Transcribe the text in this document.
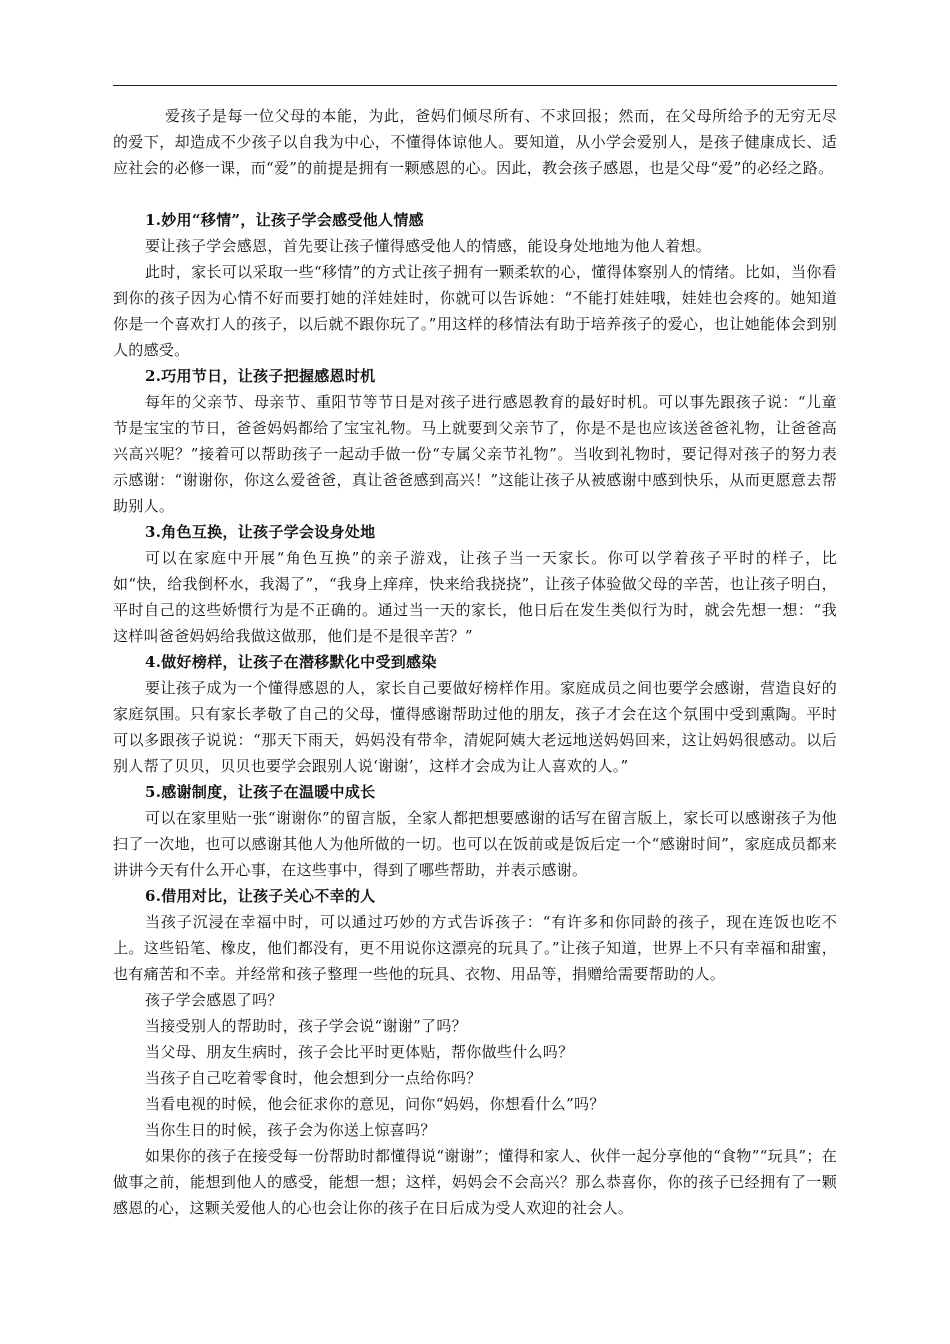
爱孩子是每一位父母的本能，为此，爸妈们倾尽所有、不求回报；然而，在父母所给予的无穷无尽的爱下，却造成不少孩子以自我为中心，不懂得体谅他人。要知道，从小学会爱别人，是孩子健康成长、适应社会的必修一课，而“爱”的前提是拥有一颗感恩的心。因此，教会孩子感恩，也是父母“爱”的必经之路。

1.妙用“移情”，让孩子学会感受他人情感

要让孩子学会感恩，首先要让孩子懂得感受他人的情感，能设身处地地为他人着想。

此时，家长可以采取一些“移情”的方式让孩子拥有一颗柔软的心，懂得体察别人的情绪。比如，当你看到你的孩子因为心情不好而要打她的洋娃娃时，你就可以告诉她：“不能打娃娃哦，娃娃也会疼的。她知道你是一个喜欢打人的孩子，以后就不跟你玩了。”用这样的移情法有助于培养孩子的爱心，也让她能体会到别人的感受。

2.巧用节日，让孩子把握感恩时机

每年的父亲节、母亲节、重阳节等节日是对孩子进行感恩教育的最好时机。可以事先跟孩子说：“儿童节是宝宝的节日，爸爸妈妈都给了宝宝礼物。马上就要到父亲节了，你是不是也应该送爸爸礼物，让爸爸高兴高兴呢？”接着可以帮助孩子一起动手做一份“专属父亲节礼物”。当收到礼物时，要记得对孩子的努力表示感谢：“谢谢你，你这么爱爸爸，真让爸爸感到高兴！”这能让孩子从被感谢中感到快乐，从而更愿意去帮助别人。

3.角色互换，让孩子学会设身处地

可以在家庭中开展“角色互换”的亲子游戏，让孩子当一天家长。你可以学着孩子平时的样子，比如“快，给我倒杯水，我渴了”，“我身上痒痒，快来给我挠挠”，让孩子体验做父母的辛苦，也让孩子明白，平时自己的这些娇惯行为是不正确的。通过当一天的家长，他日后在发生类似行为时，就会先想一想：“我这样叫爸爸妈妈给我做这做那，他们是不是很辛苦？”

4.做好榜样，让孩子在潜移默化中受到感染

要让孩子成为一个懂得感恩的人，家长自己要做好榜样作用。家庭成员之间也要学会感谢，营造良好的家庭氛围。只有家长孝敬了自己的父母，懂得感谢帮助过他的朋友，孩子才会在这个氛围中受到熏陶。平时可以多跟孩子说说：“那天下雨天，妈妈没有带伞，清妮阿姨大老远地送妈妈回来，这让妈妈很感动。以后别人帮了贝贝，贝贝也要学会跟别人说‘谢谢’，这样才会成为让人喜欢的人。”

5.感谢制度，让孩子在温暖中成长

可以在家里贴一张“谢谢你”的留言版，全家人都把想要感谢的话写在留言版上，家长可以感谢孩子为他扫了一次地，也可以感谢其他人为他所做的一切。也可以在饭前或是饭后定一个“感谢时间”，家庭成员都来讲讲今天有什么开心事，在这些事中，得到了哪些帮助，并表示感谢。

6.借用对比，让孩子关心不幸的人

当孩子沉浸在幸福中时，可以通过巧妙的方式告诉孩子：“有许多和你同龄的孩子，现在连饭也吃不上。这些铅笔、橡皮，他们都没有，更不用说你这漂亮的玩具了。”让孩子知道，世界上不只有幸福和甜蜜，也有痛苦和不幸。并经常和孩子整理一些他的玩具、衣物、用品等，捐赠给需要帮助的人。

孩子学会感恩了吗？

当接受别人的帮助时，孩子学会说“谢谢”了吗？

当父母、朋友生病时，孩子会比平时更体贴，帮你做些什么吗？

当孩子自己吃着零食时，他会想到分一点给你吗？

当看电视的时候，他会征求你的意见，问你“妈妈，你想看什么”吗？

当你生日的时候，孩子会为你送上惊喜吗？

如果你的孩子在接受每一份帮助时都懂得说“谢谢”；懂得和家人、伙伴一起分享他的“食物”“玩具”；在做事之前，能想到他人的感受，能想一想；这样，妈妈会不会高兴？那么恭喜你，你的孩子已经拥有了一颗感恩的心，这颗关爱他人的心也会让你的孩子在日后成为受人欢迎的社会人。
